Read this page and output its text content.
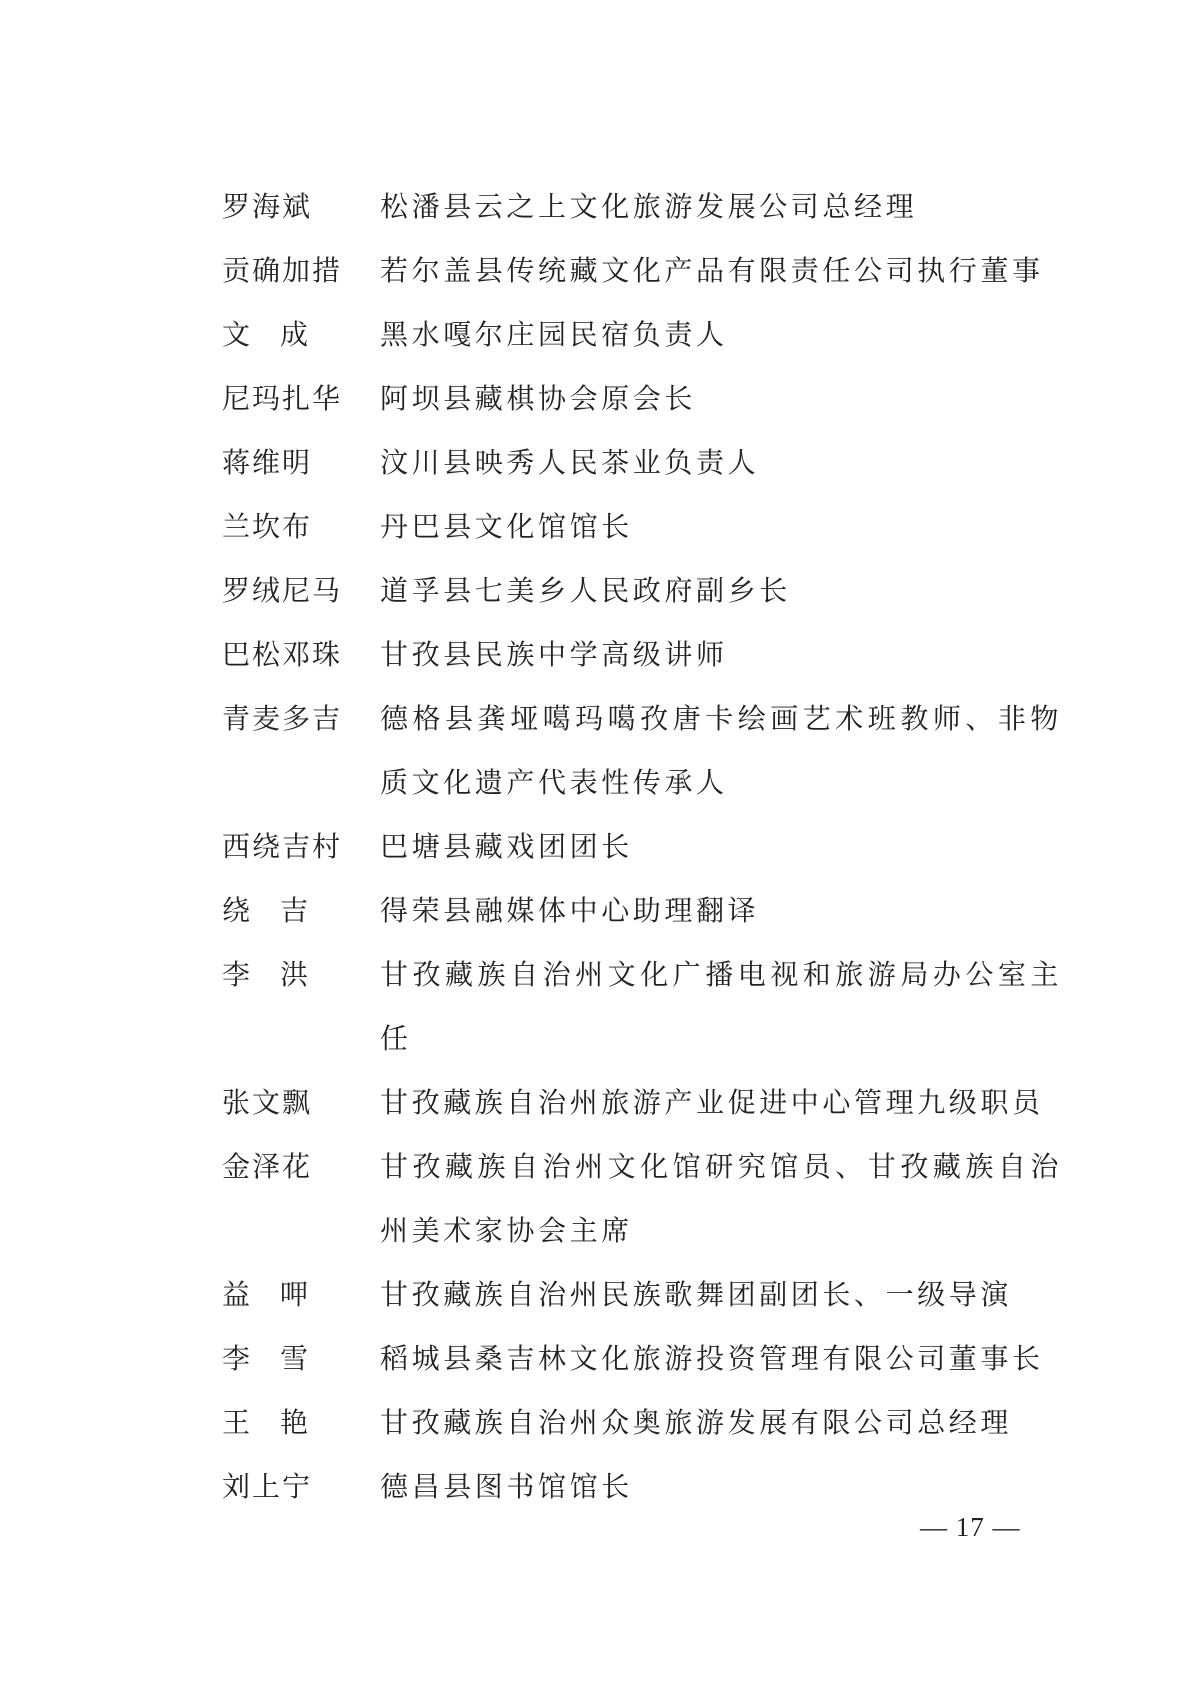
罗海斌	松潘县云之上文化旅游发展公司总经理
贡确加措	若尔盖县传统藏文化产品有限责任公司执行董事
文成	黑水嘎尔庄园民宿负责人
尼玛扎华	阿坝县藏棋协会原会长
蒋维明	汶川县映秀人民茶业负责人
兰坎布	丹巴县文化馆馆长
罗绒尼马	道孚县七美乡人民政府副乡长
巴松邓珠	甘孜县民族中学高级讲师
青麦多吉	德格县龚垭噶玛噶孜唐卡绘画艺术班教师、非物质文化遗产代表性传承人
西绕吉村	巴塘县藏戏团团长
绕吉	得荣县融媒体中心助理翻译
李洪	甘孜藏族自治州文化广播电视和旅游局办公室主任
张文飘	甘孜藏族自治州旅游产业促进中心管理九级职员
金泽花	甘孜藏族自治州文化馆研究馆员、甘孜藏族自治州美术家协会主席
益呷	甘孜藏族自治州民族歌舞团副团长、一级导演
李雪	稻城县桑吉林文化旅游投资管理有限公司董事长
王艳	甘孜藏族自治州众奥旅游发展有限公司总经理
刘上宁	德昌县图书馆馆长
— 17 —
